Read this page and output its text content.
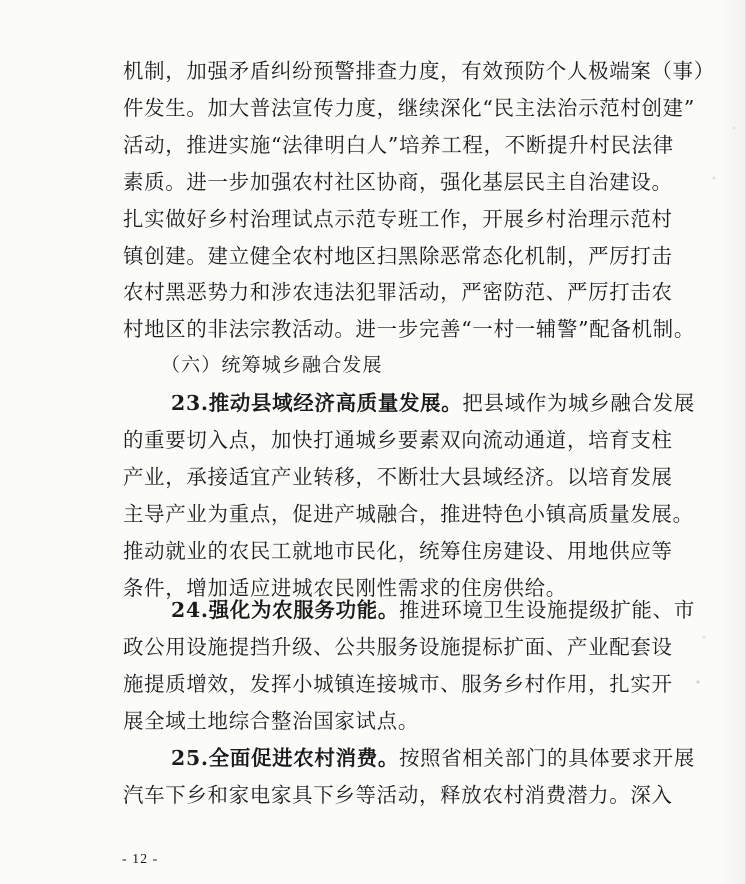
机制，加强矛盾纠纷预警排查力度，有效预防个人极端案（事）
件发生。加大普法宣传力度，继续深化“民主法治示范村创建”
活动，推进实施“法律明白人”培养工程，不断提升村民法律
素质。进一步加强农村社区协商，强化基层民主自治建设。
扎实做好乡村治理试点示范专班工作，开展乡村治理示范村
镇创建。建立健全农村地区扫黑除恶常态化机制，严厉打击
农村黑恶势力和涉农违法犯罪活动，严密防范、严厉打击农
村地区的非法宗教活动。进一步完善“一村一辅警”配备机制。
（六）统筹城乡融合发展
23.推动县域经济高质量发展。把县域作为城乡融合发展
的重要切入点，加快打通城乡要素双向流动通道，培育支柱
产业，承接适宜产业转移，不断壮大县域经济。以培育发展
主导产业为重点，促进产城融合，推进特色小镇高质量发展。
推动就业的农民工就地市民化，统筹住房建设、用地供应等
条件，增加适应进城农民刚性需求的住房供给。
24.强化为农服务功能。推进环境卫生设施提级扩能、市
政公用设施提挡升级、公共服务设施提标扩面、产业配套设
施提质增效，发挥小城镇连接城市、服务乡村作用，扎实开
展全域土地综合整治国家试点。
25.全面促进农村消费。按照省相关部门的具体要求开展
汽车下乡和家电家具下乡等活动，释放农村消费潜力。深入
- 12 -
